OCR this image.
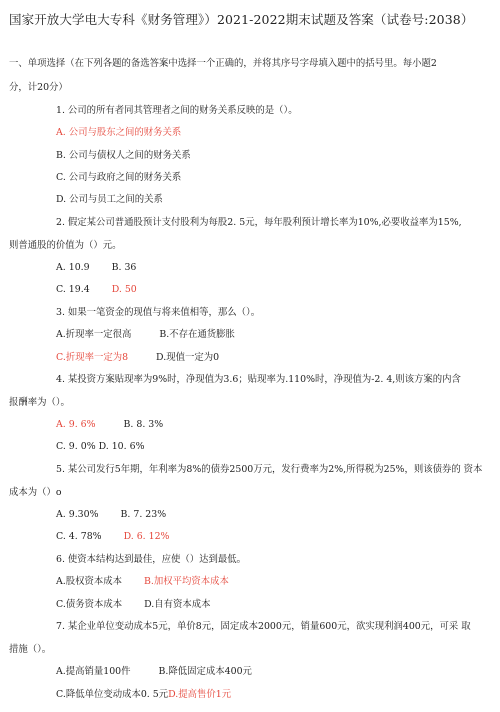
国家开放大学电大专科《财务管理》）2021-2022期末试题及答案（试卷号:2038）
一、单项选择（在下列各题的备选答案中选择一个正确的，并将其序号字母填入题中的括号里。每小题2
分，计20分）
1. 公司的所有者同其管理者之间的财务关系反映的是（）。
A. 公司与股东之间的财务关系
B. 公司与债权人之间的财务关系
C. 公司与政府之间的财务关系
D. 公司与员工之间的关系
2. 假定某公司普通股预计支付股利为每股2. 5元，每年股利预计增长率为10%,必要收益率为15%,
则普通股的价值为（）元。
A. 10.9 B. 36
C. 19.4 D. 50
3. 如果一笔资金的现值与将来值相等，那么（）。
A.折现率一定很高	B.不存在通货膨胀
C.折现率一定为8	D.现值一定为0
4. 某投资方案贴现率为9%时，净现值为3.6；贴现率为.110%时，净现值为-2. 4,则该方案的内含
报酬率为（）。
A. 9. 6%	B. 8. 3%
C. 9. 0% D. 10. 6%
5. 某公司发行5年期，年利率为8%的债券2500万元，发行费率为2%,所得税为25%，则该债券的 资本
成本为（）o
A. 9.30% B. 7. 23%
C. 4. 78% D. 6. 12%
6. 使资本结构达到最佳，应使（）达到最低。
A.股权资本成本 B.加权平均资本成本
C.债务资本成本 D.自有资本成本
7. 某企业单位变动成本5元，单价8元，固定成本2000元，销量600元，欲实现利润400元，可采 取
措施（）。
A.提高销量100件	B.降低固定成本400元
C.降低单位变动成本0. 5元D.提高售价1元
